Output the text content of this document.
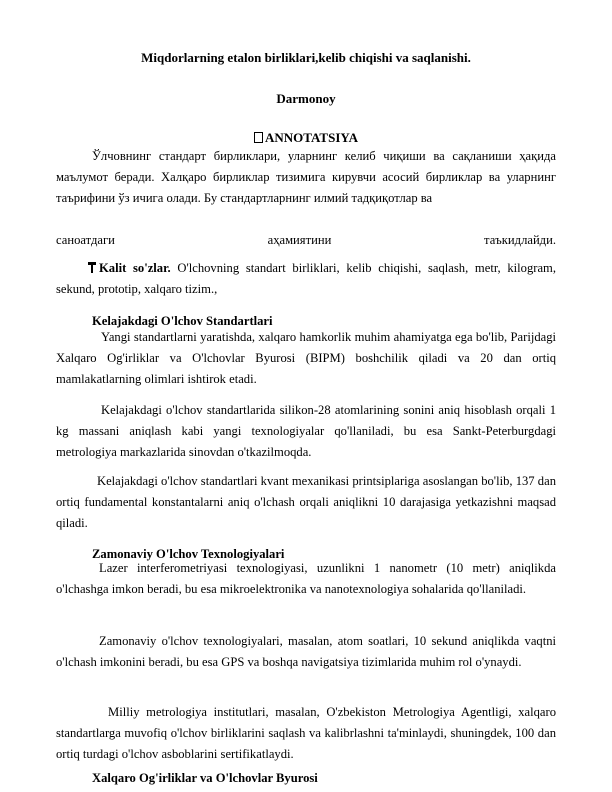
Miqdorlarning etalon birliklari,kelib chiqishi va saqlanishi.
Darmonoy
ANNOTATSIYA
Ўлчовнинг стандарт бирликлари, уларнинг келиб чиқиши ва сақланиши ҳақида маълумот беради. Халқаро бирликлар тизимига кирувчи асосий бирликлар ва уларнинг таърифини ўз ичига олади. Бу стандартларнинг илмий тадқиқотлар ва
саноатдаги	аҳамиятини	таъкидлайди.
Kalit so'zlar. O'lchovning standart birliklari, kelib chiqishi, saqlash, metr, kilogram, sekund, prototip, xalqaro tizim.,
Kelajakdagi O'lchov Standartlari
Yangi standartlarni yaratishda, xalqaro hamkorlik muhim ahamiyatga ega bo'lib, Parijdagi Xalqaro Og'irliklar va O'lchovlar Byurosi (BIPM) boshchilik qiladi va 20 dan ortiq mamlakatlarning olimlari ishtirok etadi.
Kelajakdagi o'lchov standartlarida silikon-28 atomlarining sonini aniq hisoblash orqali 1 kg massani aniqlash kabi yangi texnologiyalar qo'llaniladi, bu esa Sankt-Peterburgdagi metrologiya markazlarida sinovdan o'tkazilmoqda.
Kelajakdagi o'lchov standartlari kvant mexanikasi printsiplariga asoslangan bo'lib, 137 dan ortiq fundamental konstantalarni aniq o'lchash orqali aniqlikni 10 darajasiga yetkazishni maqsad qiladi.
Zamonaviy O'lchov Texnologiyalari
Lazer interferometriyasi texnologiyasi, uzunlikni 1 nanometr (10 metr) aniqlikda o'lchashga imkon beradi, bu esa mikroelektronika va nanotexnologiya sohalarida qo'llaniladi.
Zamonaviy o'lchov texnologiyalari, masalan, atom soatlari, 10 sekund aniqlikda vaqtni o'lchash imkonini beradi, bu esa GPS va boshqa navigatsiya tizimlarida muhim rol o'ynaydi.
Milliy metrologiya institutlari, masalan, O'zbekiston Metrologiya Agentligi, xalqaro standartlarga muvofiq o'lchov birliklarini saqlash va kalibrlashni ta'minlaydi, shuningdek, 100 dan ortiq turdagi o'lchov asboblarini sertifikatlaydi.
Xalqaro Og'irliklar va O'lchovlar Byurosi
